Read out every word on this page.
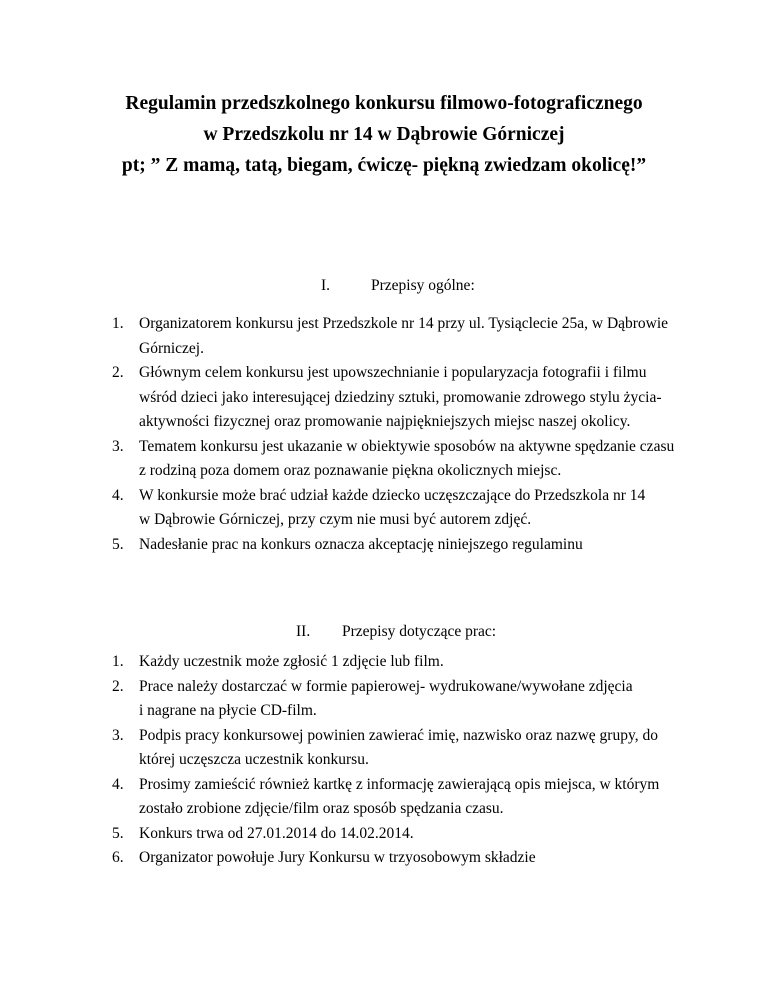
Regulamin przedszkolnego konkursu filmowo-fotograficznego
w Przedszkolu nr 14 w Dąbrowie Górniczej
pt; ” Z mamą, tatą, biegam, ćwiczę- piękną zwiedzam okolicę!”
I.	Przepisy ogólne:
1. Organizatorem konkursu jest Przedszkole nr 14 przy ul. Tysiąclecie 25a, w Dąbrowie
Górniczej.
2. Głównym celem konkursu jest upowszechnianie i popularyzacja fotografii i filmu
wśród dzieci jako interesującej dziedziny sztuki, promowanie zdrowego stylu życia-
aktywności fizycznej oraz promowanie najpiękniejszych miejsc naszej okolicy.
3. Tematem konkursu jest ukazanie w obiektywie sposobów na aktywne spędzanie czasu
z rodziną poza domem oraz poznawanie piękna okolicznych miejsc.
4. W konkursie może brać udział każde dziecko uczęszczające do Przedszkola nr 14
w Dąbrowie Górniczej, przy czym nie musi być autorem zdjęć.
5. Nadesłanie prac na konkurs oznacza akceptację niniejszego regulaminu
II. Przepisy dotyczące prac:
1. Każdy uczestnik może zgłosić 1 zdjęcie lub film.
2. Prace należy dostarczać w formie papierowej- wydrukowane/wywołane zdjęcia
i nagrane na płycie CD-film.
3. Podpis pracy konkursowej powinien zawierać imię, nazwisko oraz nazwę grupy, do
której uczęszcza uczestnik konkursu.
4. Prosimy zamieścić również kartkę z informację zawierającą opis miejsca, w którym
zostało zrobione zdjęcie/film oraz sposób spędzania czasu.
5. Konkurs trwa od 27.01.2014 do 14.02.2014.
6. Organizator powołuje Jury Konkursu w trzyosobowym składzie
